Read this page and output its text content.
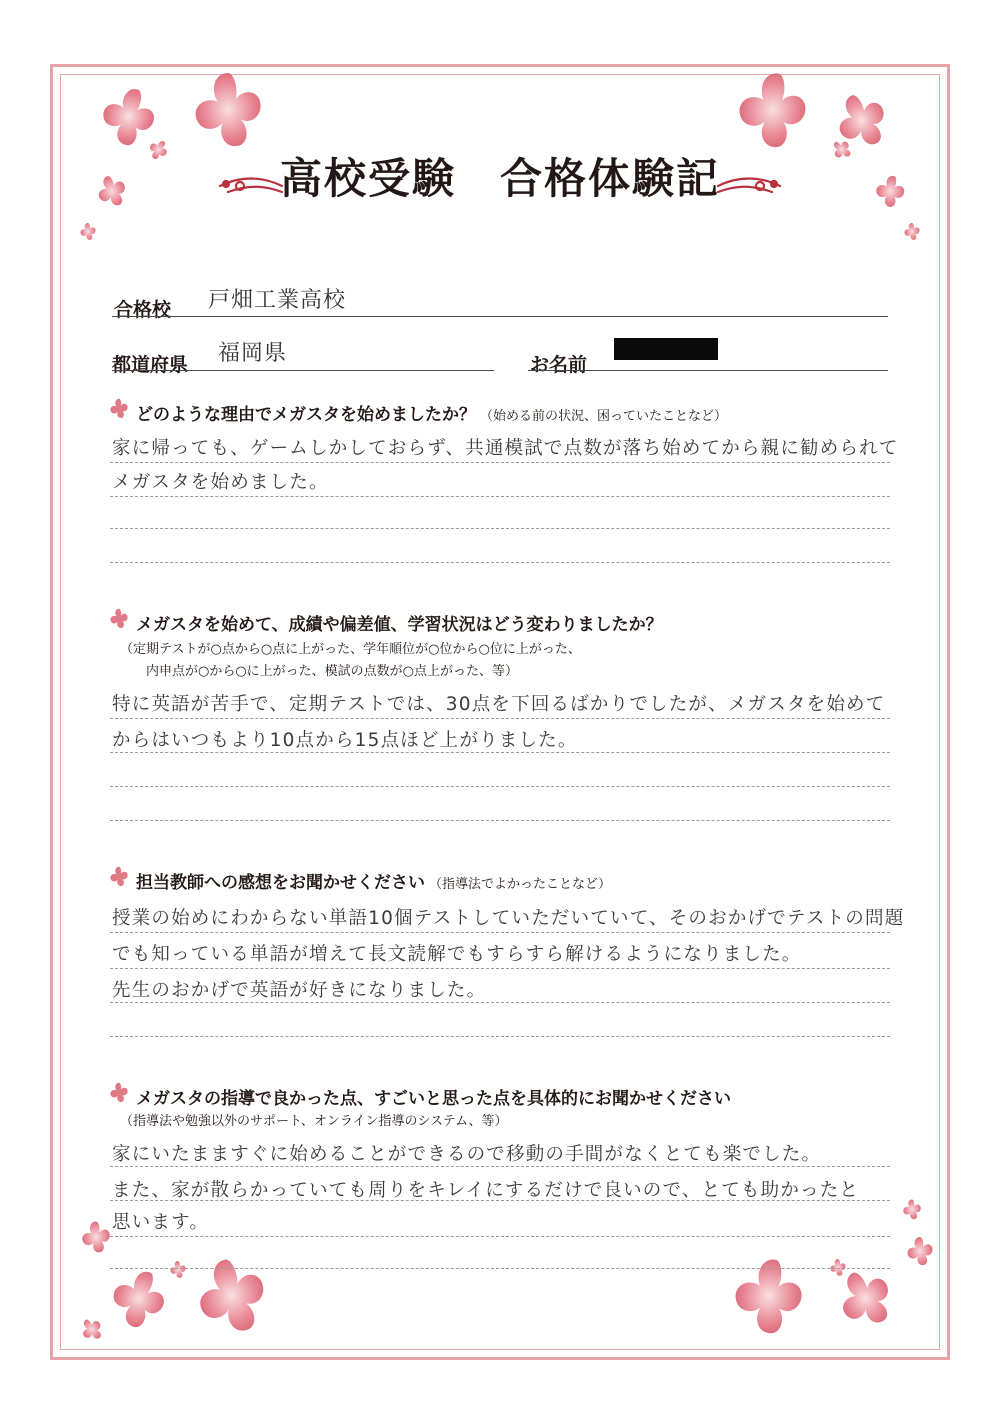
高校受験　合格体験記
合格校 戸畑工業高校
都道府県 福岡県	お名前
どのような理由でメガスタを始めましたか？ （始める前の状況、困っていたことなど）
家に帰っても、ゲームしかしておらず、共通模試で点数が落ち始めてから親に勧められて
メガスタを始めました。
メガスタを始めて、成績や偏差値、学習状況はどう変わりましたか？
（定期テストが○点から○点に上がった、学年順位が○位から○位に上がった、
内申点が○から○に上がった、模試の点数が○点上がった、等）
特に英語が苦手で、定期テストでは、30点を下回るばかりでしたが、メガスタを始めて
からはいつもより10点から15点ほど上がりました。
担当教師への感想をお聞かせください （指導法でよかったことなど）
授業の始めにわからない単語10個テストしていただいていて、そのおかげでテストの問題
でも知っている単語が増えて長文読解でもすらすら解けるようになりました。
先生のおかげで英語が好きになりました。
メガスタの指導で良かった点、すごいと思った点を具体的にお聞かせください
（指導法や勉強以外のサポート、オンライン指導のシステム、等）
家にいたまますぐに始めることができるので移動の手間がなくとても楽でした。
また、家が散らかっていても周りをキレイにするだけで良いので、とても助かったと
思います。
